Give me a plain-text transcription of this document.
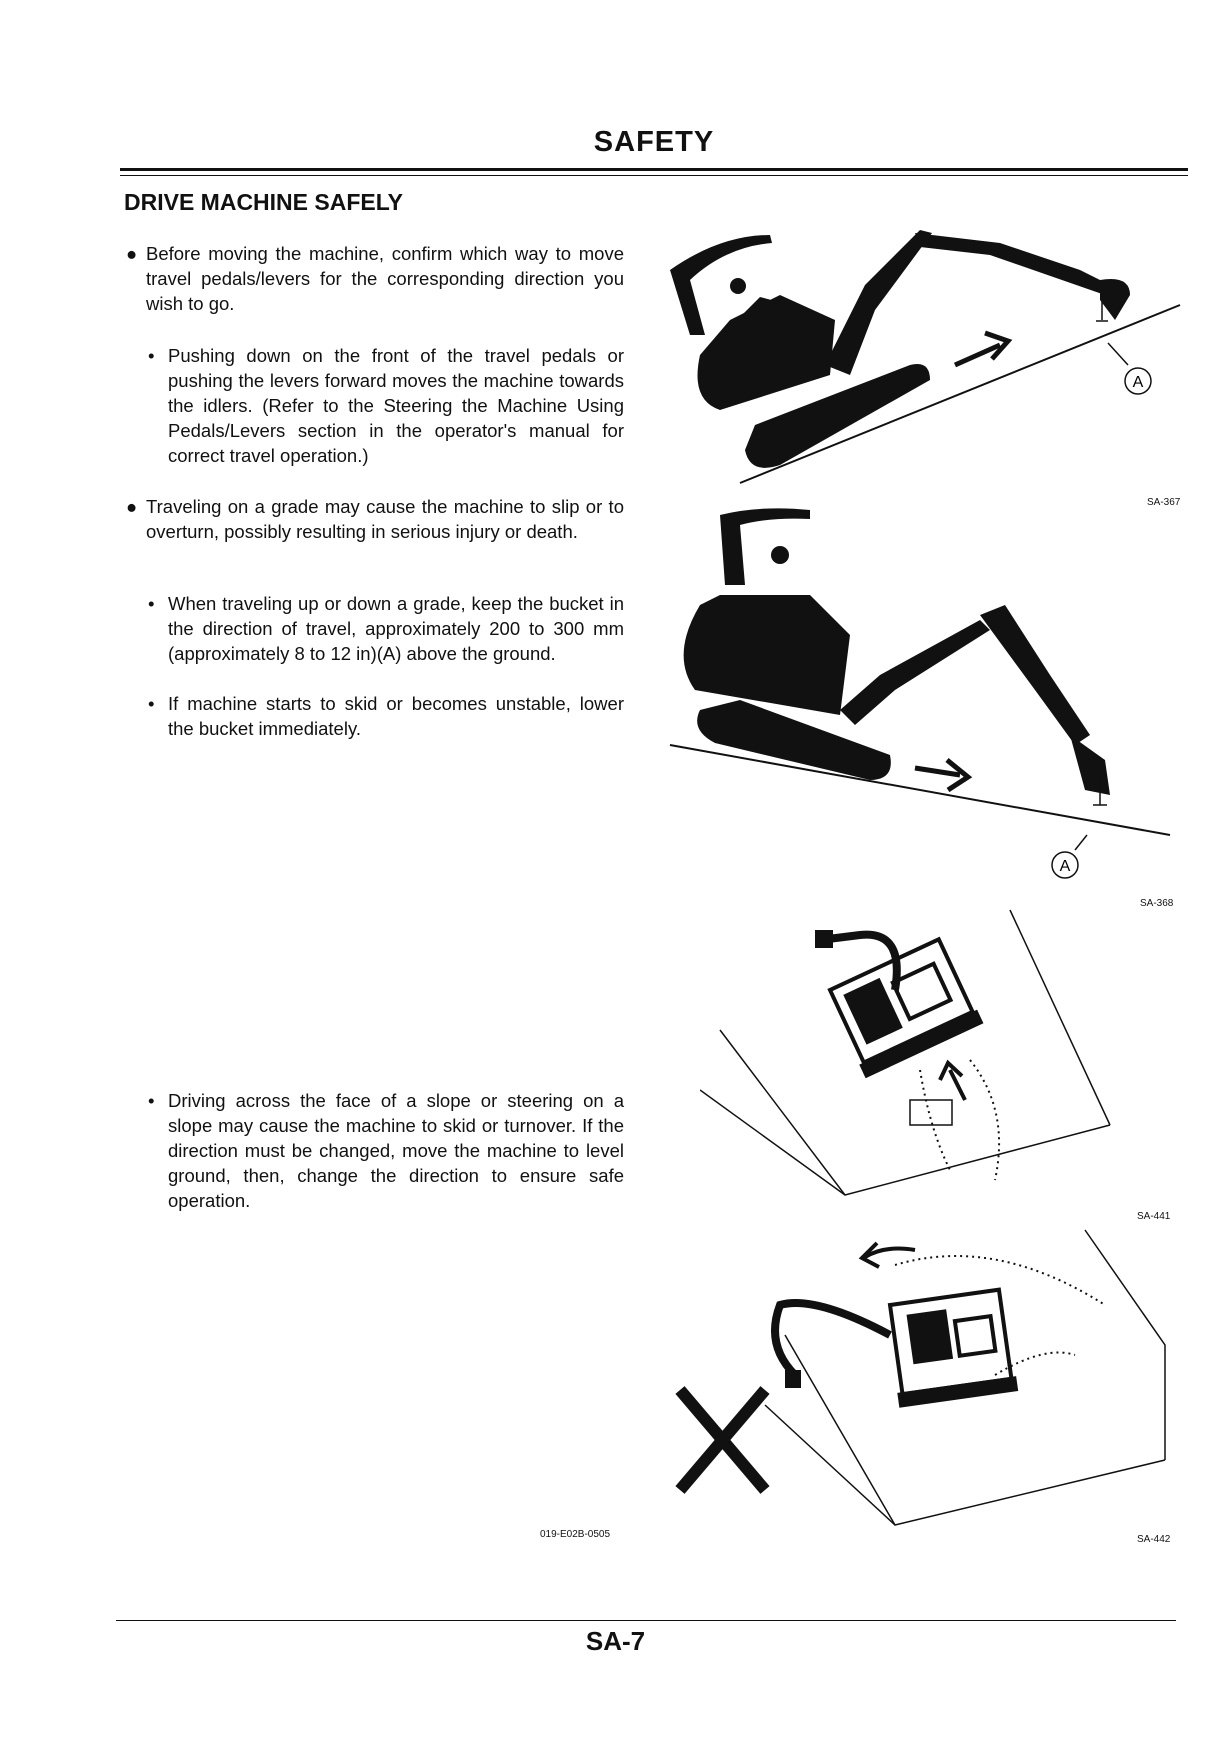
SAFETY
DRIVE MACHINE SAFELY
● Before moving the machine, confirm which way to move travel pedals/levers for the corresponding direction you wish to go.
• Pushing down on the front of the travel pedals or pushing the levers forward moves the machine towards the idlers. (Refer to the Steering the Machine Using Pedals/Levers section in the operator's manual for correct travel operation.)
● Traveling on a grade may cause the machine to slip or to overturn, possibly resulting in serious injury or death.
• When traveling up or down a grade, keep the bucket in the direction of travel, approximately 200 to 300 mm (approximately 8 to 12 in)(A) above the ground.
• If machine starts to skid or becomes unstable, lower the bucket immediately.
• Driving across the face of a slope or steering on a slope may cause the machine to skid or turnover. If the direction must be changed, move the machine to level ground, then, change the direction to ensure safe operation.
A
SA-367
A
SA-368
SA-441
SA-442
019-E02B-0505
SA-7
